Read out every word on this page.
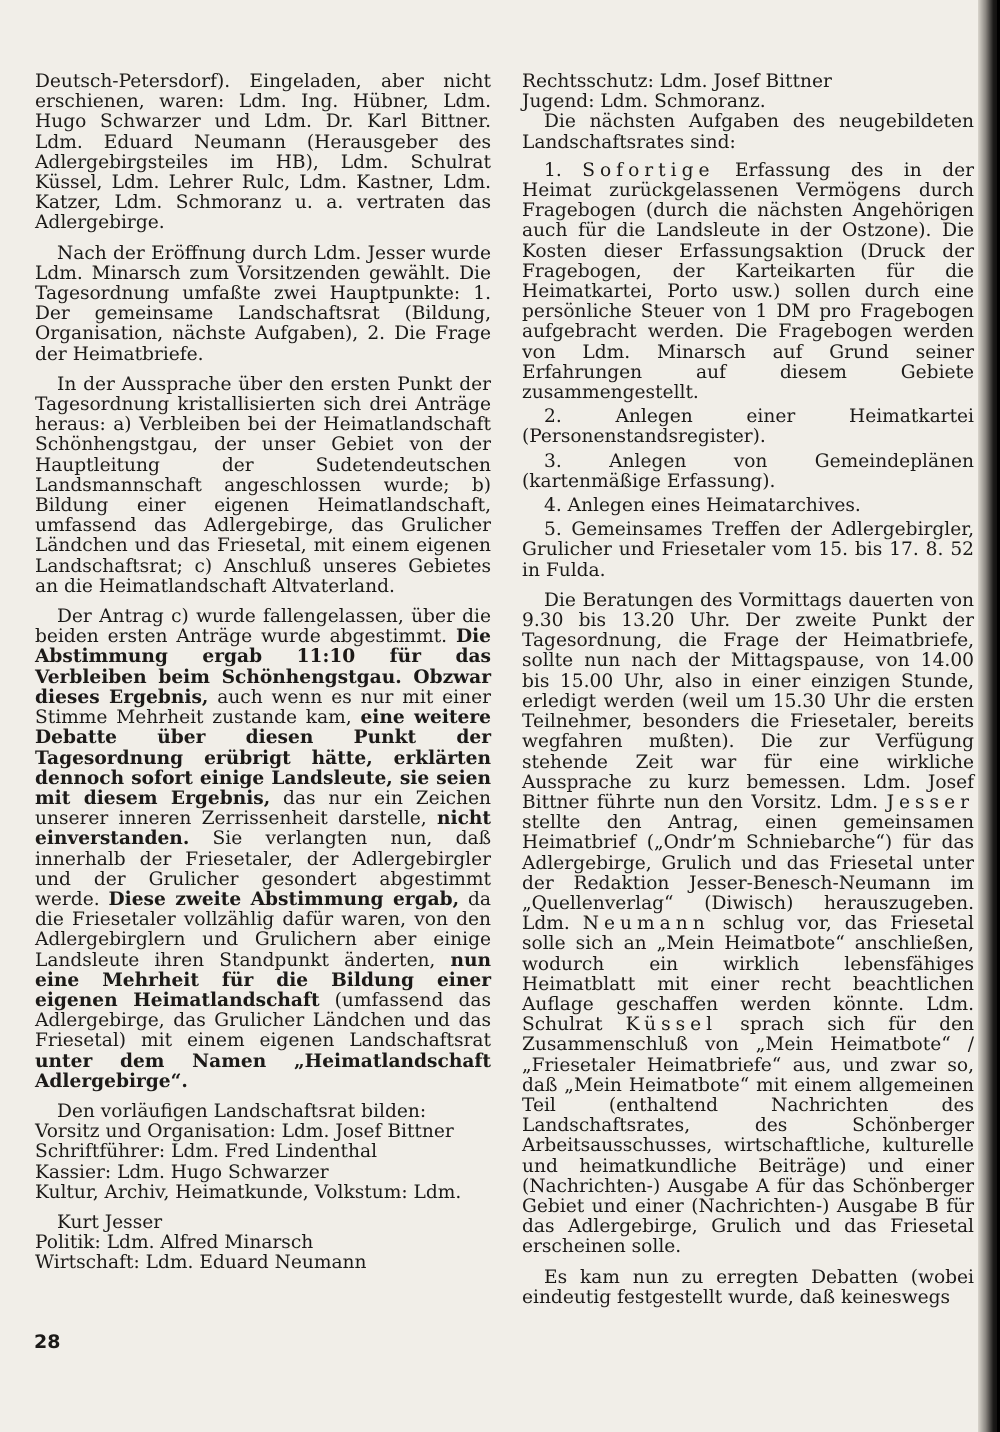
Deutsch-Petersdorf). Eingeladen, aber nicht erschienen, waren: Ldm. Ing. Hübner, Ldm. Hugo Schwarzer und Ldm. Dr. Karl Bittner. Ldm. Eduard Neumann (Herausgeber des Adlergebirgsteiles im HB), Ldm. Schulrat Küssel, Ldm. Lehrer Rulc, Ldm. Kastner, Ldm. Katzer, Ldm. Schmoranz u. a. vertraten das Adlergebirge.

Nach der Eröffnung durch Ldm. Jesser wurde Ldm. Minarsch zum Vorsitzenden gewählt. Die Tagesordnung umfaßte zwei Hauptpunkte: 1. Der gemeinsame Landschaftsrat (Bildung, Organisation, nächste Aufgaben), 2. Die Frage der Heimatbriefe.

In der Aussprache über den ersten Punkt der Tagesordnung kristallisierten sich drei Anträge heraus: a) Verbleiben bei der Heimatlandschaft Schönhengstgau, der unser Gebiet von der Hauptleitung der Sudetendeutschen Landsmannschaft angeschlossen wurde; b) Bildung einer eigenen Heimatlandschaft, umfassend das Adlergebirge, das Grulicher Ländchen und das Friesetal, mit einem eigenen Landschaftsrat; c) Anschluß unseres Gebietes an die Heimatlandschaft Altvaterland.

Der Antrag c) wurde fallengelassen, über die beiden ersten Anträge wurde abgestimmt. Die Abstimmung ergab 11:10 für das Verbleiben beim Schönhengstgau. Obzwar dieses Ergebnis, auch wenn es nur mit einer Stimme Mehrheit zustande kam, eine weitere Debatte über diesen Punkt der Tagesordnung erübrigt hätte, erklärten dennoch sofort einige Landsleute, sie seien mit diesem Ergebnis, das nur ein Zeichen unserer inneren Zerrissenheit darstelle, nicht einverstanden. Sie verlangten nun, daß innerhalb der Friesetaler, der Adlergebirgler und der Grulicher gesondert abgestimmt werde. Diese zweite Abstimmung ergab, da die Friesetaler vollzählig dafür waren, von den Adlergebirglern und Grulichern aber einige Landsleute ihren Standpunkt änderten, nun eine Mehrheit für die Bildung einer eigenen Heimatlandschaft (umfassend das Adlergebirge, das Grulicher Ländchen und das Friesetal) mit einem eigenen Landschaftsrat unter dem Namen „Heimatlandschaft Adlergebirge“.

Den vorläufigen Landschaftsrat bilden:
Vorsitz und Organisation: Ldm. Josef Bittner
Schriftführer: Ldm. Fred Lindenthal
Kassier: Ldm. Hugo Schwarzer
Kultur, Archiv, Heimatkunde, Volkstum: Ldm.
Kurt Jesser
Politik: Ldm. Alfred Minarsch
Wirtschaft: Ldm. Eduard Neumann
Rechtsschutz: Ldm. Josef Bittner
Jugend: Ldm. Schmoranz.

Die nächsten Aufgaben des neugebildeten Landschaftsrates sind:

1. Sofortige Erfassung des in der Heimat zurückgelassenen Vermögens durch Fragebogen (durch die nächsten Angehörigen auch für die Landsleute in der Ostzone). Die Kosten dieser Erfassungsaktion (Druck der Fragebogen, der Karteikarten für die Heimatkartei, Porto usw.) sollen durch eine persönliche Steuer von 1 DM pro Fragebogen aufgebracht werden. Die Fragebogen werden von Ldm. Minarsch auf Grund seiner Erfahrungen auf diesem Gebiete zusammengestellt.

2. Anlegen einer Heimatkartei (Personenstandsregister).

3. Anlegen von Gemeindeplänen (kartenmäßige Erfassung).

4. Anlegen eines Heimatarchives.

5. Gemeinsames Treffen der Adlergebirgler, Grulicher und Friesetaler vom 15. bis 17. 8. 52 in Fulda.

Die Beratungen des Vormittags dauerten von 9.30 bis 13.20 Uhr. Der zweite Punkt der Tagesordnung, die Frage der Heimatbriefe, sollte nun nach der Mittagspause, von 14.00 bis 15.00 Uhr, also in einer einzigen Stunde, erledigt werden (weil um 15.30 Uhr die ersten Teilnehmer, besonders die Friesetaler, bereits wegfahren mußten). Die zur Verfügung stehende Zeit war für eine wirkliche Aussprache zu kurz bemessen. Ldm. Josef Bittner führte nun den Vorsitz. Ldm. Jesser stellte den Antrag, einen gemeinsamen Heimatbrief („Ondr’m Schniebarche“) für das Adlergebirge, Grulich und das Friesetal unter der Redaktion Jesser-Benesch-Neumann im „Quellenverlag“ (Diwisch) herauszugeben. Ldm. Neumann schlug vor, das Friesetal solle sich an „Mein Heimatbote“ anschließen, wodurch ein wirklich lebensfähiges Heimatblatt mit einer recht beachtlichen Auflage geschaffen werden könnte. Ldm. Schulrat Küssel sprach sich für den Zusammenschluß von „Mein Heimatbote“ / „Friesetaler Heimatbriefe“ aus, und zwar so, daß „Mein Heimatbote“ mit einem allgemeinen Teil (enthaltend Nachrichten des Landschaftsrates, des Schönberger Arbeitsausschusses, wirtschaftliche, kulturelle und heimatkundliche Beiträge) und einer (Nachrichten-) Ausgabe A für das Schönberger Gebiet und einer (Nachrichten-) Ausgabe B für das Adlergebirge, Grulich und das Friesetal erscheinen solle.

Es kam nun zu erregten Debatten (wobei eindeutig festgestellt wurde, daß keineswegs

28
